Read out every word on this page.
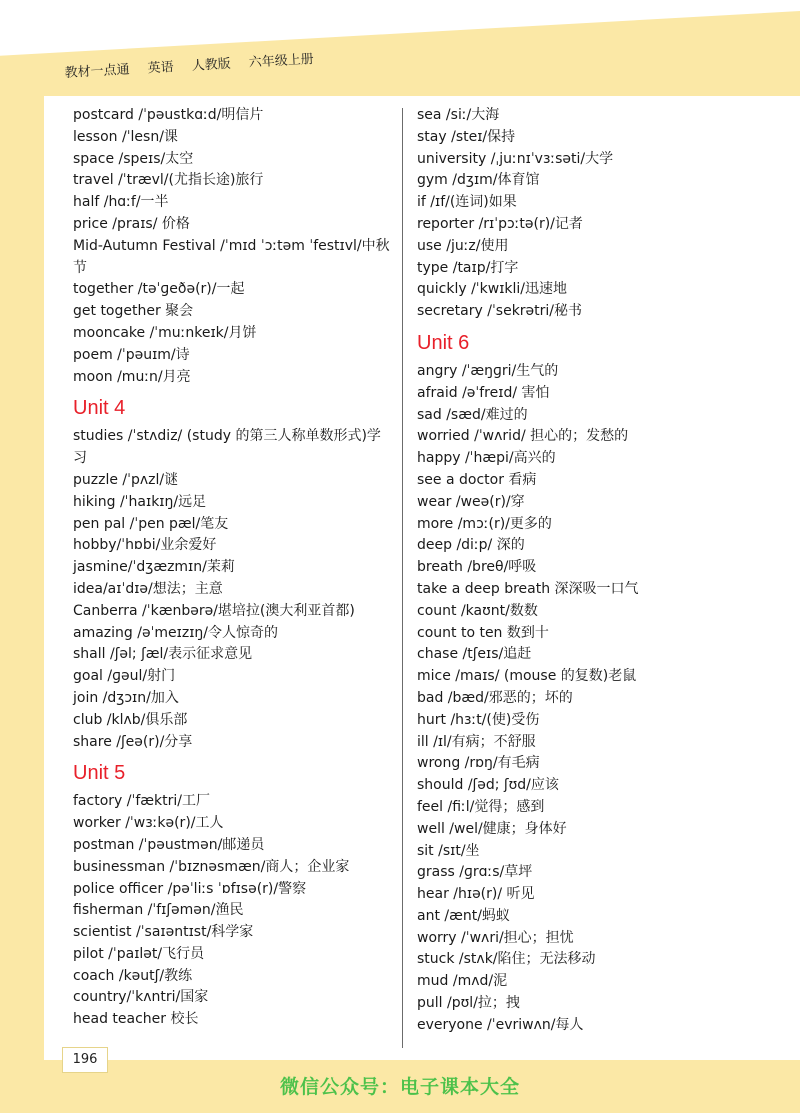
教材一点通 英语 人教版 六年级上册
postcard /ˈpəustkɑːd/明信片
lesson /ˈlesn/课
space /speɪs/太空
travel /ˈtrævl/(尤指长途)旅行
half /hɑːf/一半
price /praɪs/ 价格
Mid-Autumn Festival /ˈmɪd ˈɔːtəm ˈfestɪvl/中秋节
together /təˈɡeðə(r)/一起
get together 聚会
mooncake /ˈmuːnkeɪk/月饼
poem /ˈpəuɪm/诗
moon /muːn/月亮
Unit 4
studies /ˈstʌdiz/ (study 的第三人称单数形式)学习
puzzle /ˈpʌzl/谜
hiking /ˈhaɪkɪŋ/远足
pen pal /ˈpen pæl/笔友
hobby/ˈhɒbi/业余爱好
jasmine/ˈdʒæzmɪn/茉莉
idea/aɪˈdɪə/想法；主意
Canberra /ˈkænbərə/堪培拉(澳大利亚首都)
amazing /əˈmeɪzɪŋ/令人惊奇的
shall /ʃəl; ʃæl/表示征求意见
goal /ɡəul/射门
join /dʒɔɪn/加入
club /klʌb/俱乐部
share /ʃeə(r)/分享
Unit 5
factory /ˈfæktri/工厂
worker /ˈwɜːkə(r)/工人
postman /ˈpəustmən/邮递员
businessman /ˈbɪznəsmæn/商人；企业家
police officer /pəˈliːs ˈɒfɪsə(r)/警察
fisherman /ˈfɪʃəmən/渔民
scientist /ˈsaɪəntɪst/科学家
pilot /ˈpaɪlət/飞行员
coach /kəutʃ/教练
country/ˈkʌntri/国家
head teacher 校长
sea /siː/大海
stay /steɪ/保持
university /ˌjuːnɪˈvɜːsəti/大学
gym /dʒɪm/体育馆
if /ɪf/(连词)如果
reporter /rɪˈpɔːtə(r)/记者
use /juːz/使用
type /taɪp/打字
quickly /ˈkwɪkli/迅速地
secretary /ˈsekrətri/秘书
Unit 6
angry /ˈæŋɡri/生气的
afraid /əˈfreɪd/ 害怕
sad /sæd/难过的
worried /ˈwʌrid/ 担心的；发愁的
happy /ˈhæpi/高兴的
see a doctor 看病
wear /weə(r)/穿
more /mɔː(r)/更多的
deep /diːp/ 深的
breath /breθ/呼吸
take a deep breath 深深吸一口气
count /kaʊnt/数数
count to ten 数到十
chase /tʃeɪs/追赶
mice /maɪs/ (mouse 的复数)老鼠
bad /bæd/邪恶的；坏的
hurt /hɜːt/(使)受伤
ill /ɪl/有病；不舒服
wrong /rɒŋ/有毛病
should /ʃəd; ʃʊd/应该
feel /fiːl/觉得；感到
well /wel/健康；身体好
sit /sɪt/坐
grass /ɡrɑːs/草坪
hear /hɪə(r)/ 听见
ant /ænt/蚂蚁
worry /ˈwʌri/担心；担忧
stuck /stʌk/陷住；无法移动
mud /mʌd/泥
pull /pʊl/拉；拽
everyone /ˈevriwʌn/每人
196
微信公众号：电子课本大全
